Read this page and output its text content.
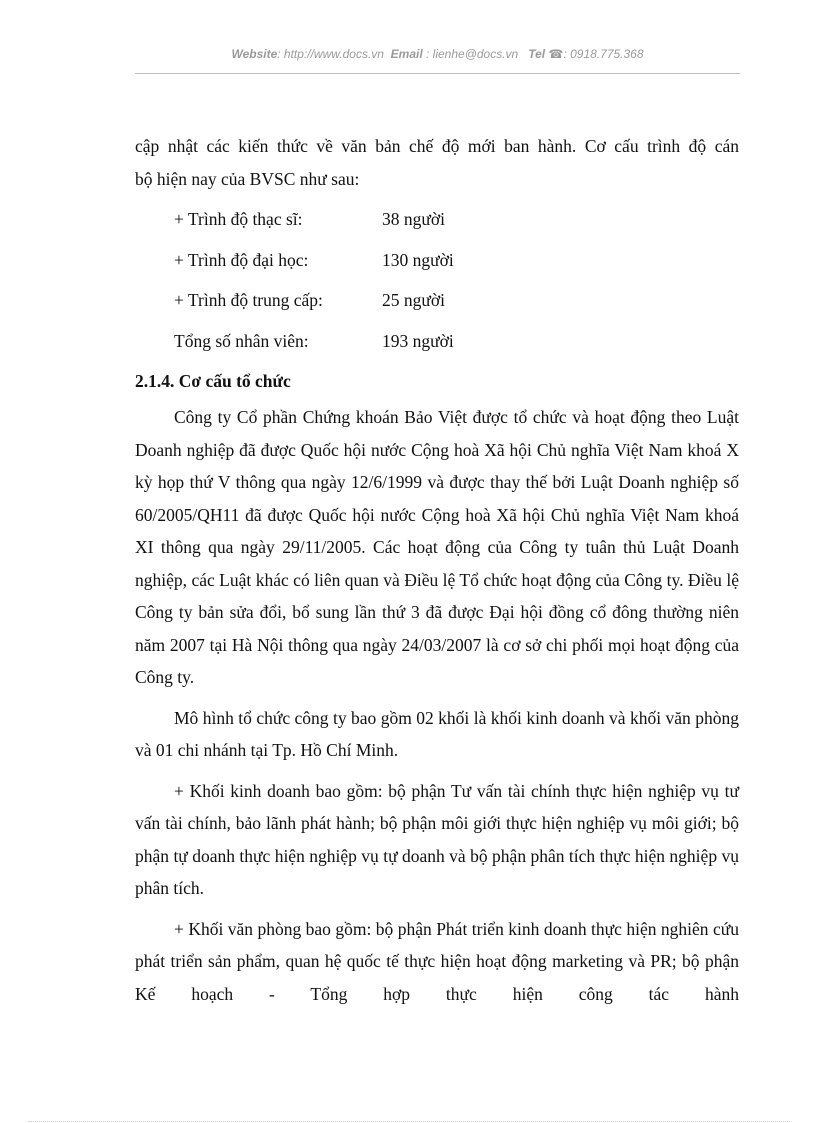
Website: http://www.docs.vn Email : lienhe@docs.vn Tel ☎: 0918.775.368

cập nhật các kiến thức về văn bản chế độ mới ban hành. Cơ cấu trình độ cán

bộ hiện nay của BVSC như sau:

+ Trình độ thạc sĩ:	38 người
+ Trình độ đại học:	130 người
+ Trình độ trung cấp:	25 người
Tổng số nhân viên:	193 người

2.1.4. Cơ cấu tổ chức

Công ty Cổ phần Chứng khoán Bảo Việt được tổ chức và hoạt động theo Luật Doanh nghiệp đã được Quốc hội nước Cộng hoà Xã hội Chủ nghĩa Việt Nam khoá X kỳ họp thứ V thông qua ngày 12/6/1999 và được thay thế bởi Luật Doanh nghiệp số 60/2005/QH11 đã được Quốc hội nước Cộng hoà Xã hội Chủ nghĩa Việt Nam khoá XI thông qua ngày 29/11/2005. Các hoạt động của Công ty tuân thủ Luật Doanh nghiệp, các Luật khác có liên quan và Điều lệ Tổ chức hoạt động của Công ty. Điều lệ Công ty bản sửa đổi, bổ sung lần thứ 3 đã được Đại hội đồng cổ đông thường niên năm 2007 tại Hà Nội thông qua ngày 24/03/2007 là cơ sở chi phối mọi hoạt động của Công ty.

Mô hình tổ chức công ty bao gồm 02 khối là khối kinh doanh và khối văn phòng và 01 chi nhánh tại Tp. Hồ Chí Minh.

+ Khối kinh doanh bao gồm: bộ phận Tư vấn tài chính thực hiện nghiệp vụ tư vấn tài chính, bảo lãnh phát hành; bộ phận môi giới thực hiện nghiệp vụ môi giới; bộ phận tự doanh thực hiện nghiệp vụ tự doanh và bộ phận phân tích thực hiện nghiệp vụ phân tích.

+ Khối văn phòng bao gồm: bộ phận Phát triển kinh doanh thực hiện nghiên cứu phát triển sản phẩm, quan hệ quốc tế thực hiện hoạt động marketing và PR; bộ phận Kế hoạch - Tổng hợp thực hiện công tác hành
